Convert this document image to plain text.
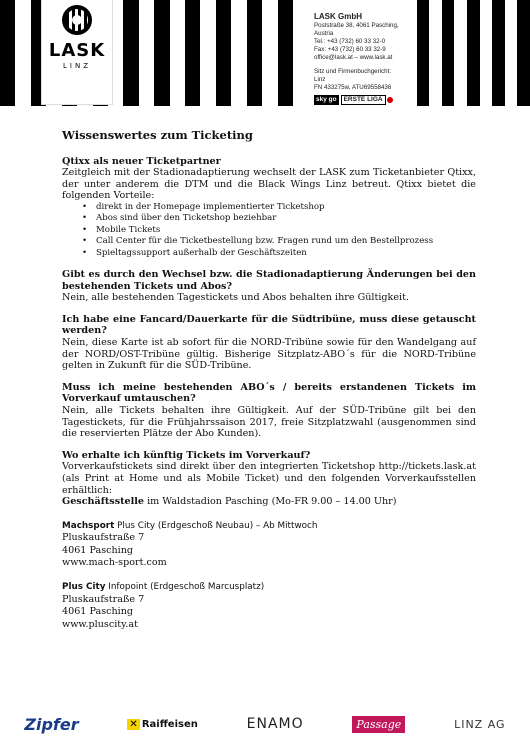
LASK
LINZ
LASK GmbH
Poststraße 38, 4061 Pasching, Austria
Tel.: +43 (732) 60 33 32-0
Fax: +43 (732) 60 33 32-9
office@lask.at – www.lask.at
Sitz und Firmenbuchgericht: Linz
FN 433275w, ATU69558436
sky go	ERSTE LIGA
Wissenswertes zum Ticketing

Qtixx als neuer Ticketpartner

Zeitgleich mit der Stadionadaptierung wechselt der LASK zum Ticketanbieter Qtixx, der unter anderem die DTM und die Black Wings Linz betreut. Qtixx bietet die folgenden Vorteile:

• direkt in der Homepage implementierter Ticketshop
• Abos sind über den Ticketshop beziehbar
• Mobile Tickets
• Call Center für die Ticketbestellung bzw. Fragen rund um den Bestellprozess
• Spieltagssupport außerhalb der Geschäftszeiten

Gibt es durch den Wechsel bzw. die Stadionadaptierung Änderungen bei den bestehenden Tickets und Abos?

Nein, alle bestehenden Tagestickets und Abos behalten ihre Gültigkeit.

Ich habe eine Fancard/Dauerkarte für die Südtribüne, muss diese getauscht werden?

Nein, diese Karte ist ab sofort für die NORD-Tribüne sowie für den Wandelgang auf der NORD/OST-Tribüne gültig. Bisherige Sitzplatz-ABO´s für die NORD-Tribüne gelten in Zukunft für die SÜD-Tribüne.

Muss ich meine bestehenden ABO´s / bereits erstandenen Tickets im Vorverkauf umtauschen?

Nein, alle Tickets behalten ihre Gültigkeit. Auf der SÜD-Tribüne gilt bei den Tagestickets, für die Frühjahrssaison 2017, freie Sitzplatzwahl (ausgenommen sind die reservierten Plätze der Abo Kunden).

Wo erhalte ich künftig Tickets im Vorverkauf?

Vorverkaufstickets sind direkt über den integrierten Ticketshop http://tickets.lask.at (als Print at Home und als Mobile Ticket) und den folgenden Vorverkaufsstellen erhältlich:

Geschäftsstelle im Waldstadion Pasching (Mo-FR 9.00 – 14.00 Uhr)

Machsport Plus City (Erdgeschoß Neubau) – Ab Mittwoch
Pluskaufstraße 7
4061 Pasching
www.mach-sport.com
Plus City Infopoint (Erdgeschoß Marcusplatz)
Pluskaufstraße 7
4061 Pasching
www.pluscity.at
Zipfer	✕ Raiffeisen	ENAMO	Passage	LINZ AG
